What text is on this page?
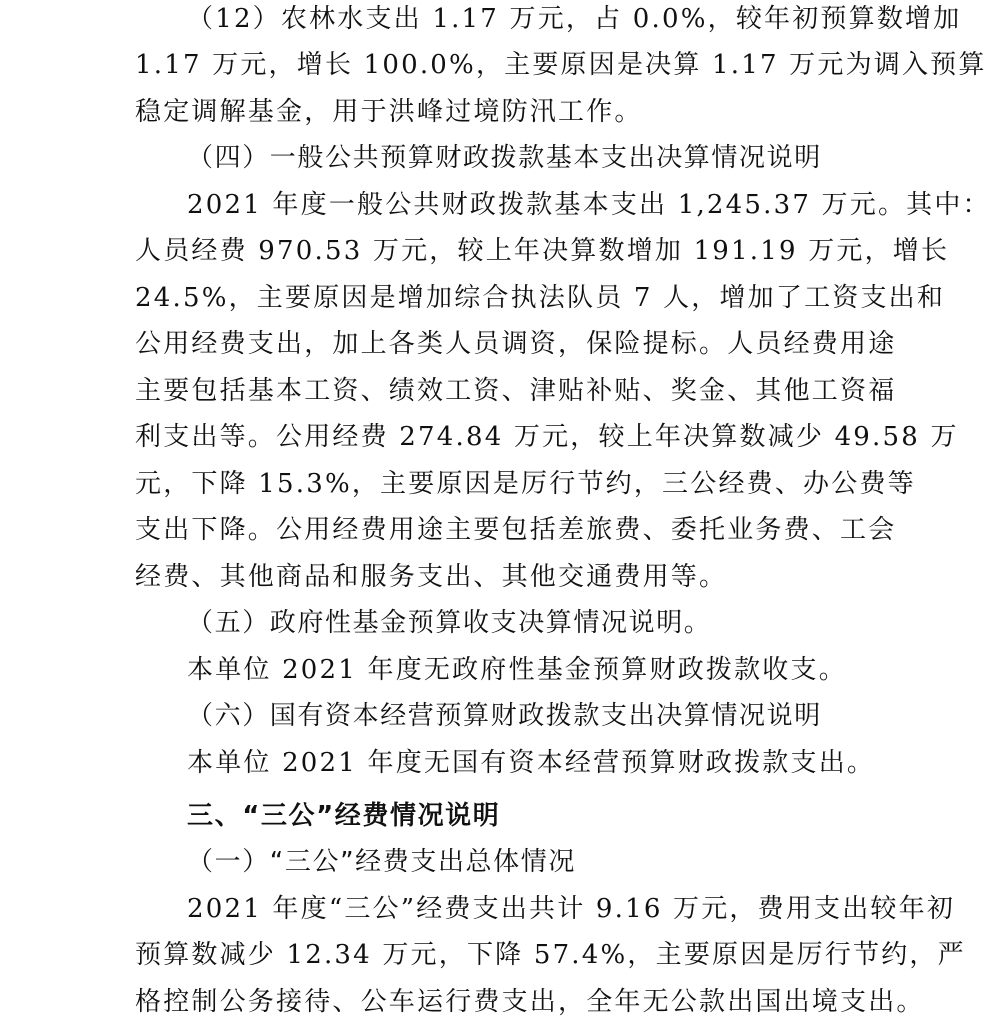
（12）农林水支出 1.17 万元，占 0.0%，较年初预算数增加
1.17 万元，增长 100.0%，主要原因是决算 1.17 万元为调入预算
稳定调解基金，用于洪峰过境防汛工作。
（四）一般公共预算财政拨款基本支出决算情况说明
2021 年度一般公共财政拨款基本支出 1,245.37 万元。其中：
人员经费 970.53 万元，较上年决算数增加 191.19 万元，增长
24.5%，主要原因是增加综合执法队员 7 人，增加了工资支出和
公用经费支出，加上各类人员调资，保险提标。人员经费用途
主要包括基本工资、绩效工资、津贴补贴、奖金、其他工资福
利支出等。公用经费 274.84 万元，较上年决算数减少 49.58 万
元，下降 15.3%，主要原因是厉行节约，三公经费、办公费等
支出下降。公用经费用途主要包括差旅费、委托业务费、工会
经费、其他商品和服务支出、其他交通费用等。
（五）政府性基金预算收支决算情况说明。
本单位 2021 年度无政府性基金预算财政拨款收支。
（六）国有资本经营预算财政拨款支出决算情况说明
本单位 2021 年度无国有资本经营预算财政拨款支出。
三、“三公”经费情况说明
（一）“三公”经费支出总体情况
2021 年度“三公”经费支出共计 9.16 万元，费用支出较年初
预算数减少 12.34 万元，下降 57.4%，主要原因是厉行节约，严
格控制公务接待、公车运行费支出，全年无公款出国出境支出。
